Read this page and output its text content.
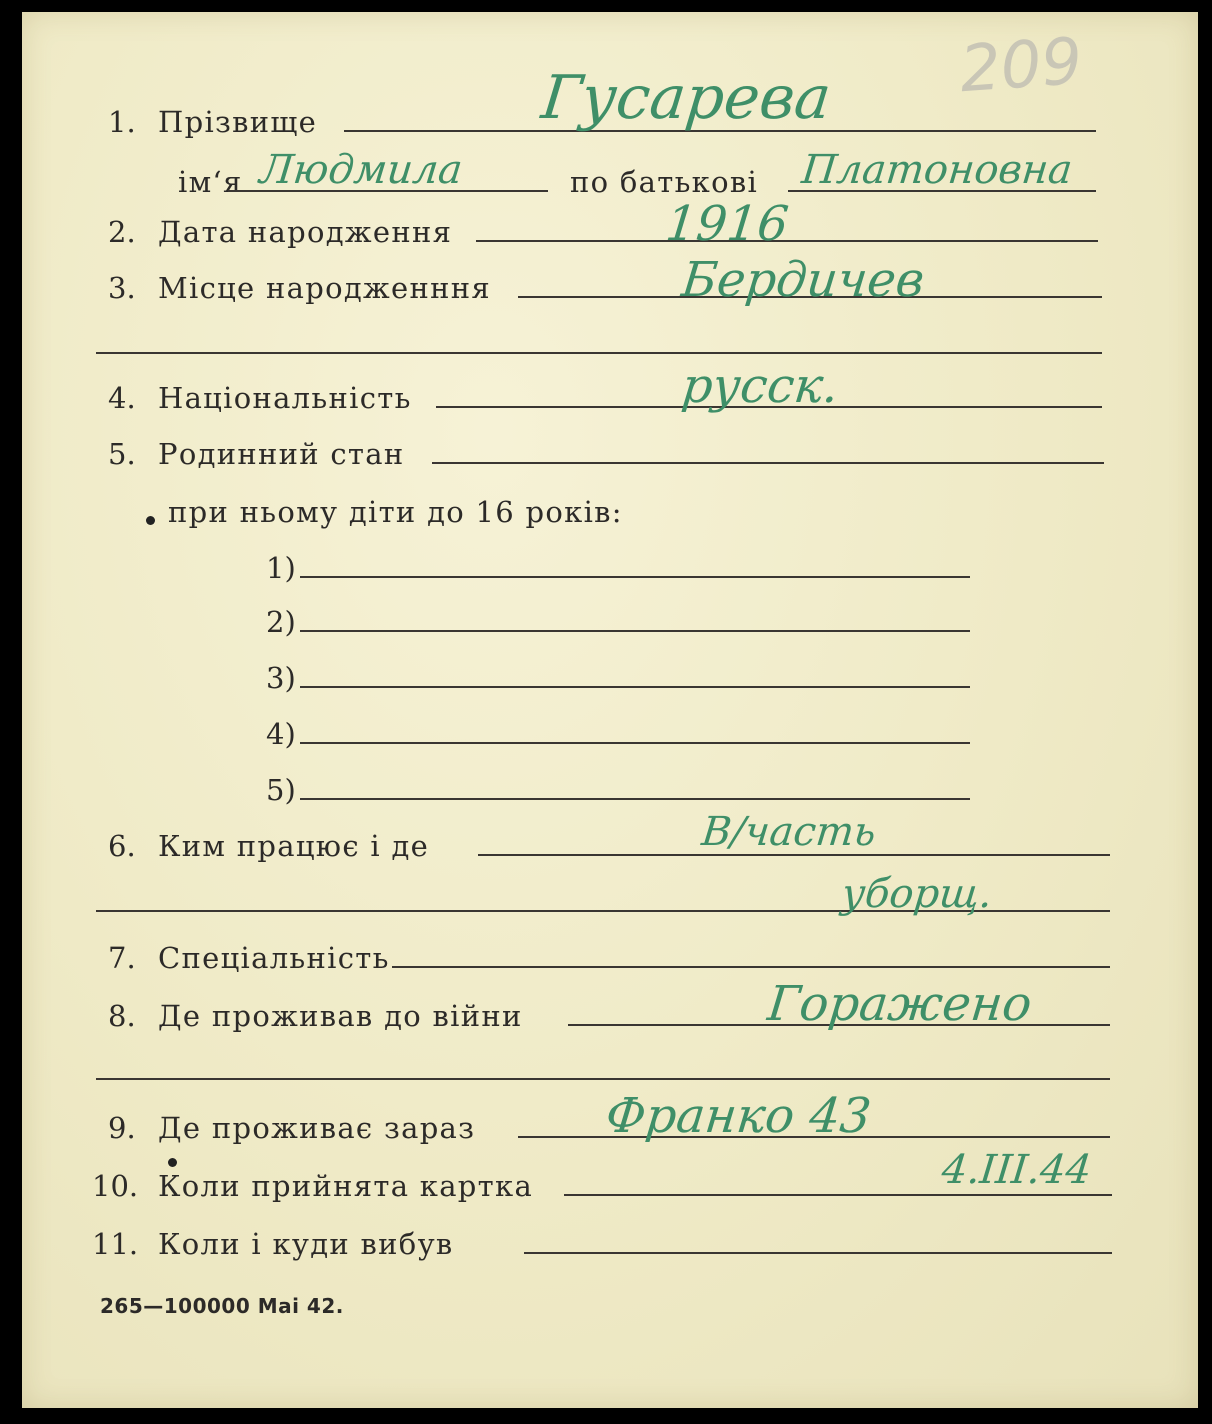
209
1. Прізвище	Гусарева
ім‘я Людмила	по батькові Платоновна
2. Дата народження	1916
3. Місце народженння	Бердичев
4. Національність	русск.
5. Родинний стан
при ньому діти до 16 років:
1)
2)
3)
4)
5)
6. Ким працює і де	В/часть
уборщ.
7. Спеціальність
8. Де проживав до війни	Горажено
9. Де проживає зараз	Франко 43
10. Коли прийнята картка	4.III.44
11. Коли і куди вибув
265—100000 Mai 42.
